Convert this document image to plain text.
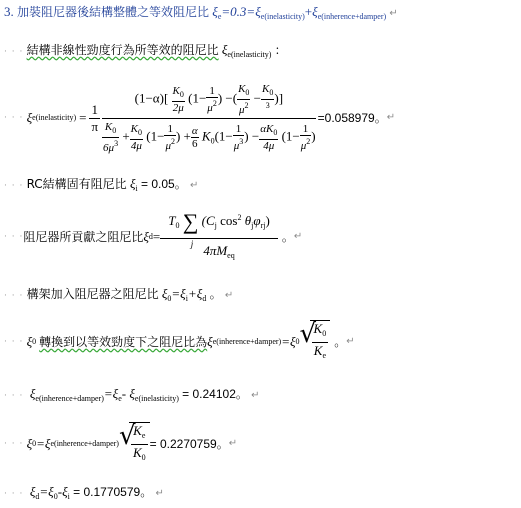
3. 加裝阻尼器後結構整體之等效阻尼比 $\xi_e=0.3=\xi_{e(inelasticity)}+\xi_{e(inherence+damper)}$ ↵
· · · 結構非線性勁度行為所等效的阻尼比 $\xi_{e(inelasticity)}$ ：
· · ·
ξ e(inelasticity) = $\frac{1}{\pi}$
$(1-\alpha)[ \frac{K_0}{2\mu} (1- \frac{1}{\mu^2}$ ) −( $\frac{K_0}{\mu^2} - \frac{K_0}{^3}$ )]
$\frac{K_0}{6\mu^3} + \frac{K_0}{4\mu} (1- \frac{1}{\mu^2}$ ) + $\frac{\alpha}{6} K_0(1- \frac{1}{\mu^3}$ ) − $\frac{\alpha K_0}{4\mu} (1- \frac{1}{\mu^2}$ )
=0.058979。 ↵
· · · RC結構固有阻尼比 $\xi_i = 0.05$。 ↵
· · · 阻尼器所貢獻之阻尼比 ξ $d = T_0$ ∑
j
($C_j$ $\cos^2 \theta_j\varphi_{rj}$)
$4\pi M_{eq}$ 。 ↵
· · · 構架加入阻尼器之阻尼比 $\xi_0=\xi_i+\xi_d$ 。 ↵
· · ·
ξ 0 轉換到以等效勁度下之阻尼比為 ξ e(inherence+damper) =ξ 0 √ $\frac{K_0}{K_e}$ 。 ↵
· · · $\xi_{e(inherence+damper)}=\xi_e-$ $\xi_{e(inelasticity)} = 0.24102$。 ↵
· · ·
ξ 0 =ξ e(inherence+damper) √ $\frac{K_e}{K_0} = 0.2270759$。 ↵
· · · $\xi_d=\xi_0-\xi_i = 0.1770579$。 ↵
